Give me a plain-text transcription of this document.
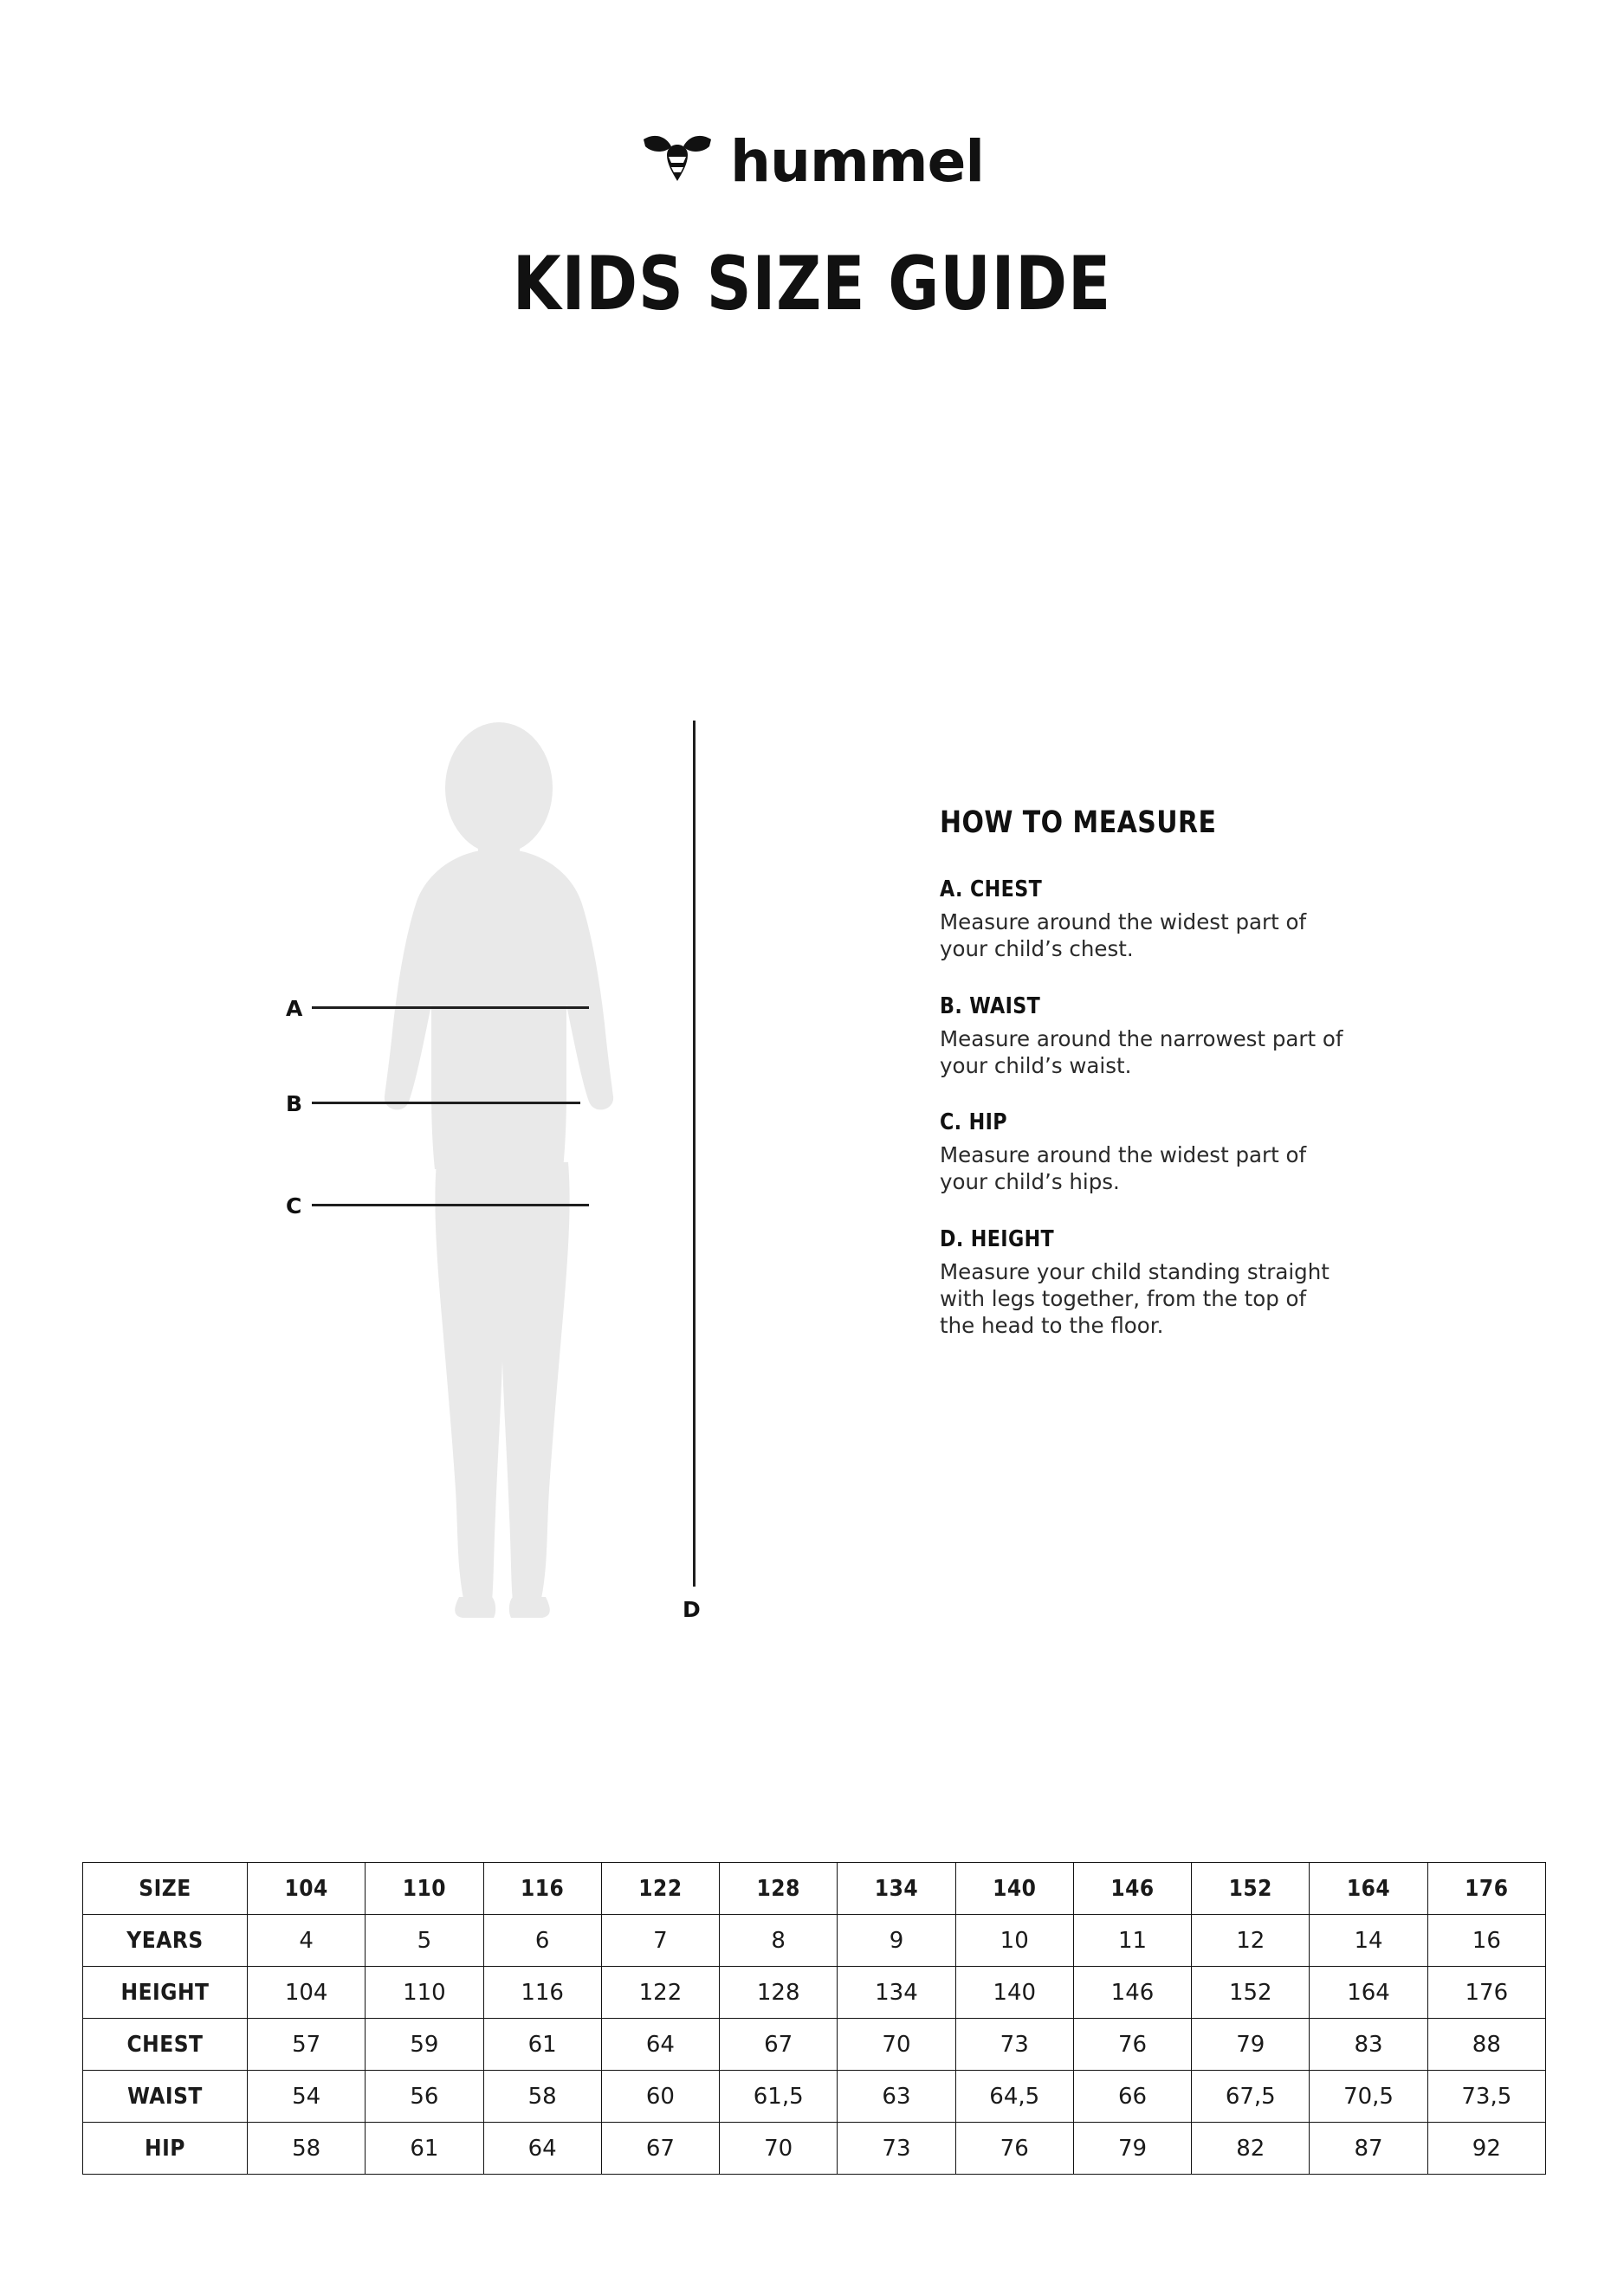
hummel
KIDS SIZE GUIDE
A
B
C
D
HOW TO MEASURE
A. CHEST

Measure around the widest part of your child’s chest.

B. WAIST

Measure around the narrowest part of your child’s waist.

C. HIP

Measure around the widest part of your child’s hips.

D. HEIGHT

Measure your child standing straight with legs together, from the top of the head to the floor.

SIZE	104	110	116	122	128	134	140	146	152	164	176
YEARS	4	5	6	7	8	9	10	11	12	14	16
HEIGHT	104	110	116	122	128	134	140	146	152	164	176
CHEST	57	59	61	64	67	70	73	76	79	83	88
WAIST	54	56	58	60	61,5	63	64,5	66	67,5	70,5	73,5
HIP	58	61	64	67	70	73	76	79	82	87	92
